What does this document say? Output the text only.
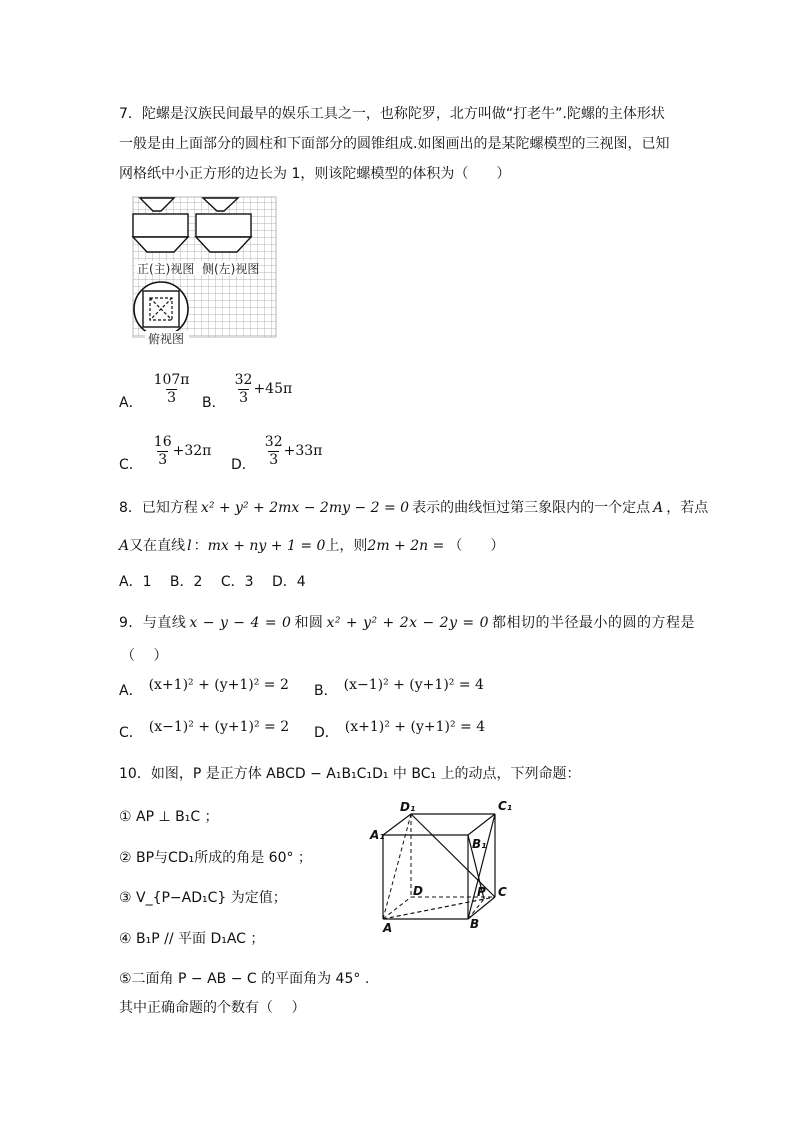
7．陀螺是汉族民间最早的娱乐工具之一，也称陀罗，北方叫做“打老牛”.陀螺的主体形状
一般是由上面部分的圆柱和下面部分的圆锥组成.如图画出的是某陀螺模型的三视图，已知
网格纸中小正方形的边长为 1，则该陀螺模型的体积为（　　）
正(主)视图 侧(左)视图
俯视图
A． $\frac{107\pi}{3}$ B． $\frac{32}{3} +45\pi$
C． $\frac{16}{3} +32\pi$
D． $\frac{32}{3} +33\pi$
8．已知方程 x² + y² + 2mx − 2my − 2 = 0 表示的曲线恒过第三象限内的一个定点 A ，若点
A又在直线 l ：mx + ny + 1 = 0上，则2m + 2n = （　　）
A．1　 B．2　 C．3　 D．4
9．与直线 x − y − 4 = 0 和圆 x² + y² + 2x − 2y = 0 都相切的半径最小的圆的方程是
（　 ）
A． (x+1)² + (y+1)² = 2 B． (x−1)² + (y+1)² = 4
C． (x−1)² + (y+1)² = 2 D． (x+1)² + (y+1)² = 4
10．如图，P 是正方体 ABCD − A₁B₁C₁D₁ 中 BC₁ 上的动点，下列命题：
① AP ⊥ B₁C ；
② BP与CD₁所成的角是 60° ；
③ V_{P−AD₁C} 为定值；
④ B₁P // 平面 D₁AC ；
⑤二面角 P − AB − C 的平面角为 45° .
其中正确命题的个数有（　 ）
D₁	C₁
A₁
B₁
D	P C
A	B
